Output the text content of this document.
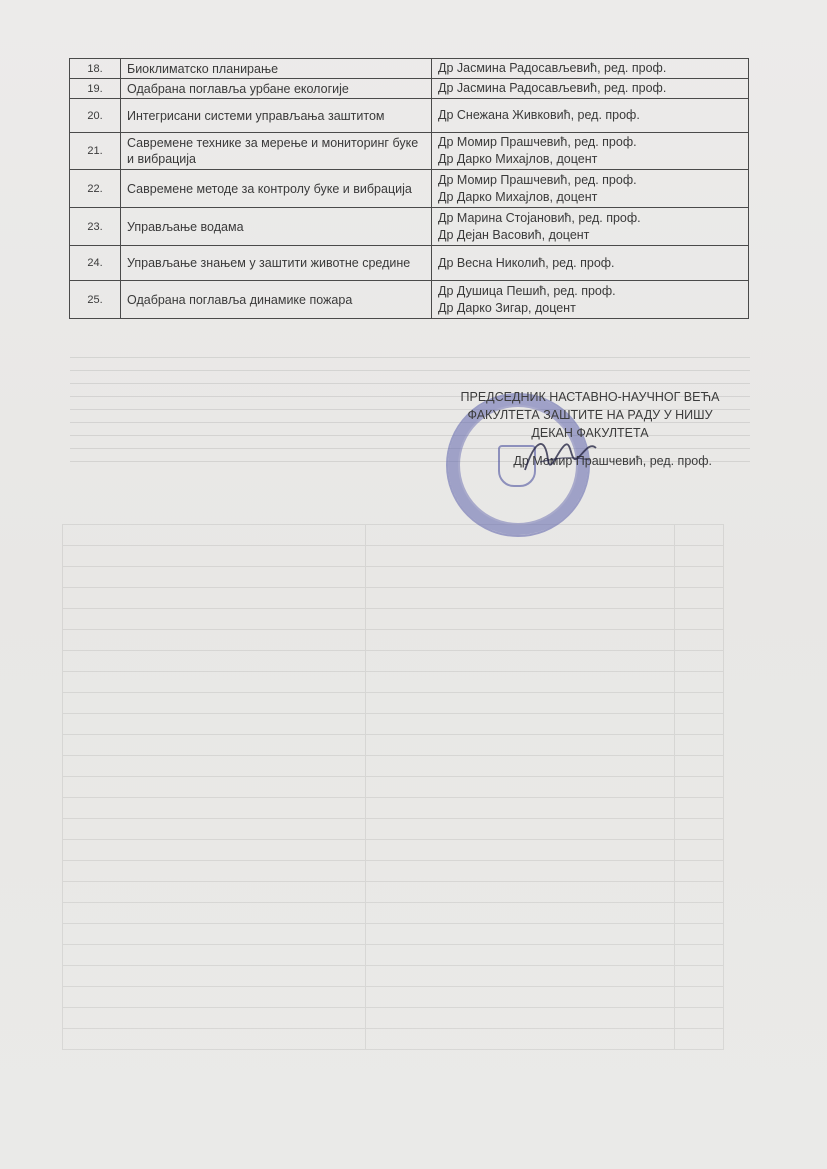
18.	Биоклиматско планирање	Др Јасмина Радосављевић, ред. проф.

19.	Одабрана поглавља урбане екологије	Др Јасмина Радосављевић, ред. проф.

20.	Интегрисани системи управљања заштитом	Др Снежана Живковић, ред. проф.

21.	Савремене технике за мерење и мониторинг буке и вибрација	Др Момир Прашчевић, ред. проф.
Др Дарко Михајлов, доцент

22.	Савремене методе за контролу буке и вибрација	Др Момир Прашчевић, ред. проф.
Др Дарко Михајлов, доцент

23.	Управљање водама	Др Марина Стојановић, ред. проф.
Др Дејан Васовић, доцент

24.	Управљање знањем у заштити животне средине	Др Весна Николић, ред. проф.

25.	Одабрана поглавља динамике пожара	Др Душица Пешић, ред. проф.
Др Дарко Зигар, доцент
ПРЕДСЕДНИК НАСТАВНО-НАУЧНОГ ВЕЋА
ФАКУЛТЕТА ЗАШТИТЕ НА РАДУ У НИШУ
ДЕКАН ФАКУЛТЕТА
Др Момир Прашчевић, ред. проф.
